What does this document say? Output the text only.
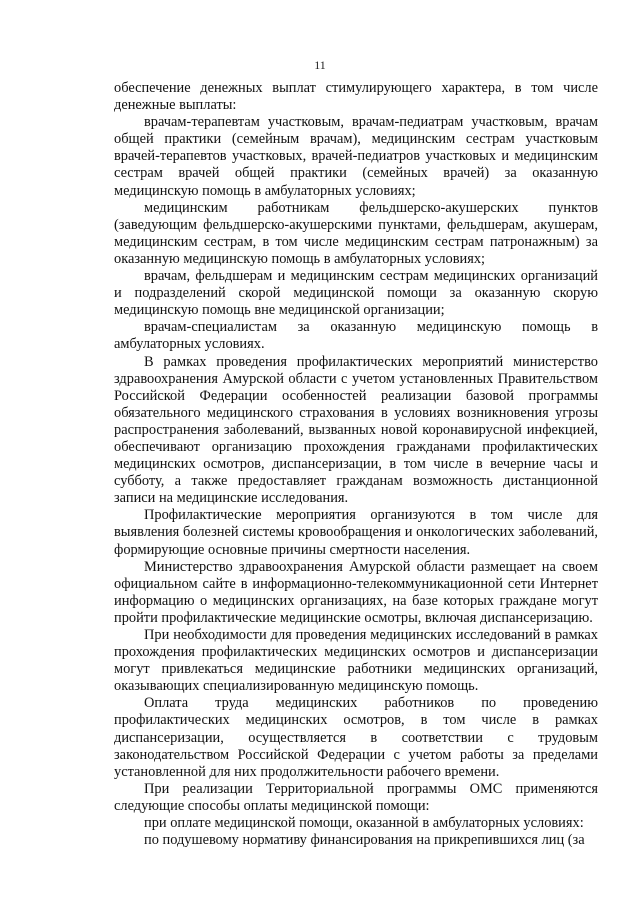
11

обеспечение денежных выплат стимулирующего характера, в том числе денежные выплаты:

врачам-терапевтам участковым, врачам-педиатрам участковым, врачам общей практики (семейным врачам), медицинским сестрам участковым врачей-терапевтов участковых, врачей-педиатров участковых и медицинским сестрам врачей общей практики (семейных врачей) за оказанную медицинскую помощь в амбулаторных условиях;

медицинским работникам фельдшерско-акушерских пунктов (заведующим фельдшерско-акушерскими пунктами, фельдшерам, акушерам, медицинским сестрам, в том числе медицинским сестрам патронажным) за оказанную медицинскую помощь в амбулаторных условиях;

врачам, фельдшерам и медицинским сестрам медицинских организаций и подразделений скорой медицинской помощи за оказанную скорую медицинскую помощь вне медицинской организации;

врачам-специалистам за оказанную медицинскую помощь в амбулаторных условиях.

В рамках проведения профилактических мероприятий министерство здравоохранения Амурской области с учетом установленных Правительством Российской Федерации особенностей реализации базовой программы обязательного медицинского страхования в условиях возникновения угрозы распространения заболеваний, вызванных новой коронавирусной инфекцией, обеспечивают организацию прохождения гражданами профилактических медицинских осмотров, диспансеризации, в том числе в вечерние часы и субботу, а также предоставляет гражданам возможность дистанционной записи на медицинские исследования.

Профилактические мероприятия организуются в том числе для выявления болезней системы кровообращения и онкологических заболеваний, формирующие основные причины смертности населения.

Министерство здравоохранения Амурской области размещает на своем официальном сайте в информационно-телекоммуникационной сети Интернет информацию о медицинских организациях, на базе которых граждане могут пройти профилактические медицинские осмотры, включая диспансеризацию.

При необходимости для проведения медицинских исследований в рамках прохождения профилактических медицинских осмотров и диспансеризации могут привлекаться медицинские работники медицинских организаций, оказывающих специализированную медицинскую помощь.

Оплата труда медицинских работников по проведению профилактических медицинских осмотров, в том числе в рамках диспансеризации, осуществляется в соответствии с трудовым законодательством Российской Федерации с учетом работы за пределами установленной для них продолжительности рабочего времени.

При реализации Территориальной программы ОМС применяются следующие способы оплаты медицинской помощи:

при оплате медицинской помощи, оказанной в амбулаторных условиях:

по подушевому нормативу финансирования на прикрепившихся лиц (за
